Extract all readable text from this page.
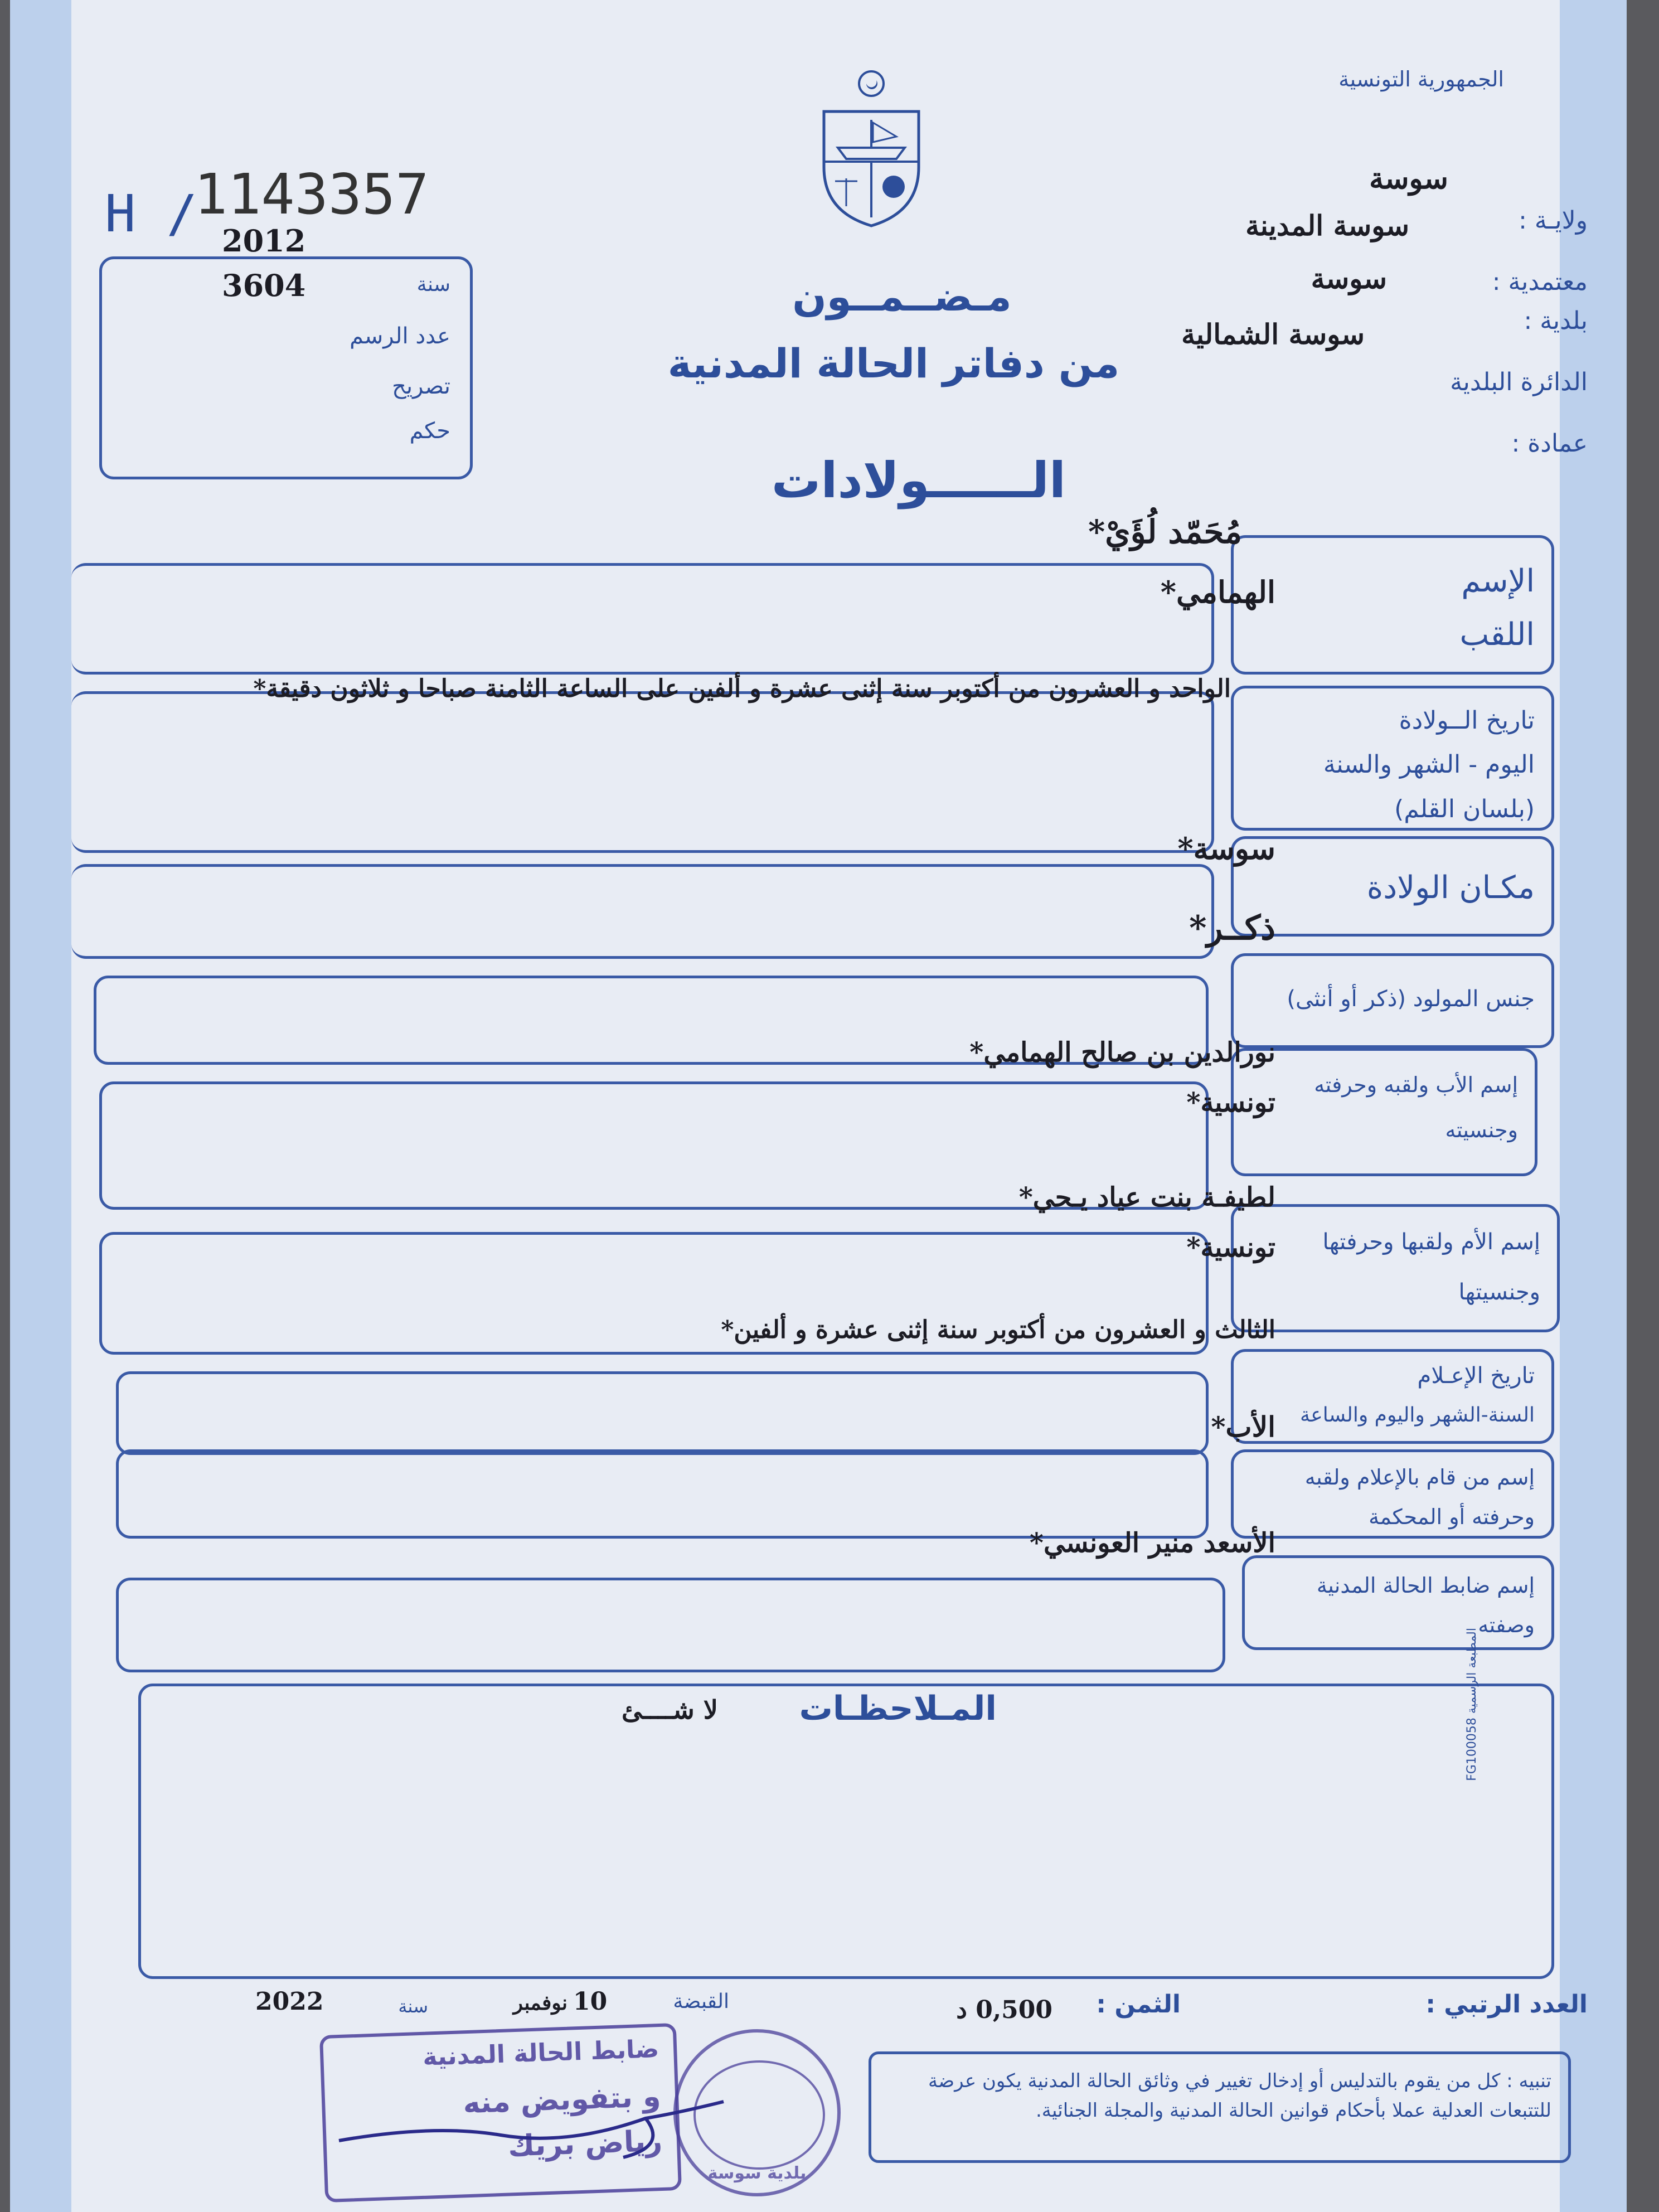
الجمهورية التونسية
H /
1143357
2012
3604	سنة
عدد الرسم
تصريح
حكم
سوسة
ولايـة :
سوسة المدينة
معتمدية :
سوسة
بلدية :
سوسة الشمالية
الدائرة البلدية
عمادة :
مـضــمــون
من دفاتر الحالة المدنية
الــــــولادات
الإسم
اللقب
مُحَمّد لُؤَيْ*
الهمامي*
تاريخ الــولادة
اليوم - الشهر والسنة
(بلسان القلم)
الواحد و العشرون من أكتوبر سنة إثنى عشرة و ألفين على الساعة الثامنة صباحا و ثلاثون دقيقة*
مكـان الولادة
سوسة*
جنس المولود (ذكر أو أنثى)
ذكــر*
إسم الأب ولقبه وحرفته
وجنسيته
نورالدين بن صالح الهمامي*
تونسية*
إسم الأم ولقبها وحرفتها
وجنسيتها
لطيفـة بنت عياد يـحي*
تونسية*
تاريخ الإعـلام
السنة-الشهر واليوم والساعة
الثالث و العشرون من أكتوبر سنة إثنى عشرة و ألفين*
إسم من قام بالإعلام ولقبه
وحرفته أو المحكمة
الأب*
إسم ضابط الحالة المدنية
وصفته
الأسعد منير العونسي*
المـلاحظـات
لا شــــئ
المطبعة الرسمية FG100058
العدد الرتبي :
الثمن :
0,500 د
القبضة
10
نوفمبر
سنة
2022
تنبيه : كل من يقوم بالتدليس أو إدخال تغيير في وثائق الحالة المدنية يكون عرضة للتتبعات العدلية عملا بأحكام قوانين الحالة المدنية والمجلة الجنائية.
ضابط الحالة المدنية
و بتفويض منه
رياض بريك
بلدية سوسة
